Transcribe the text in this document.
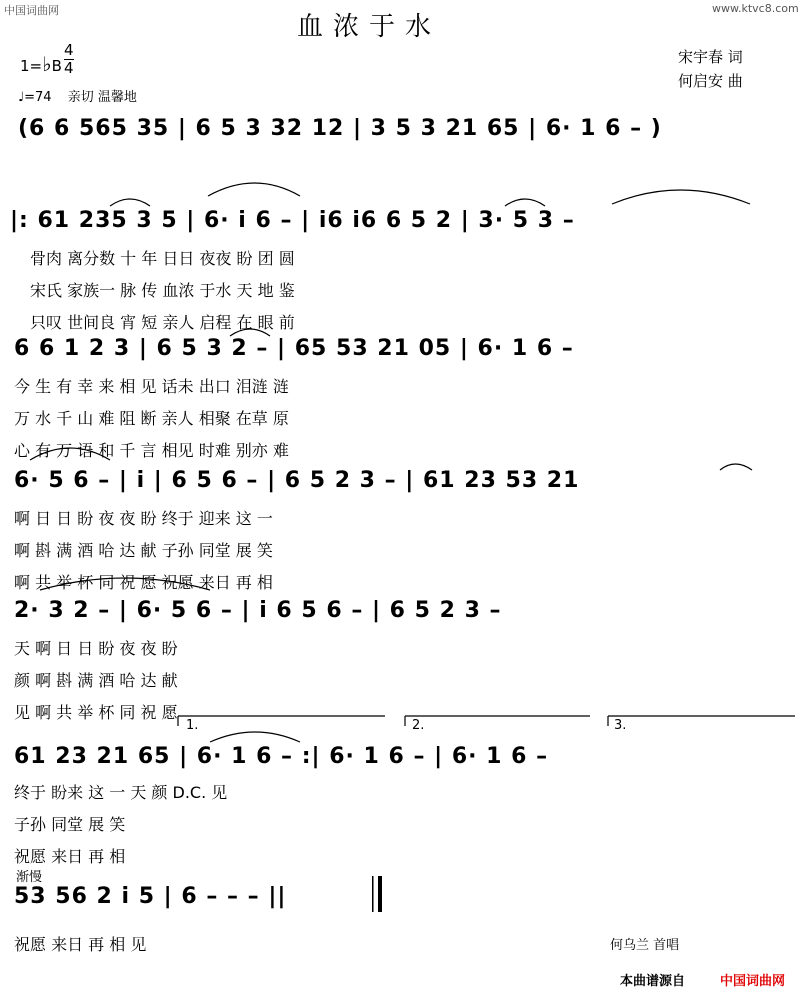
中国词曲网	www.ktvc8.com
血浓于水
1=♭B
4
4
♩=74 亲切 温馨地
宋宇春 词
何启安 曲
(6 6 565 35 | 6 5 3 32 12 | 3 5 3 21 65 | 6· 1 6 – )
|: 61 235 3 5 | 6· i 6 – | i6 i6 6 5 2 | 3· 5 3 –
骨肉 离分数 十 年 日日 夜夜 盼 团 圆
宋氏 家族一 脉 传 血浓 于水 天 地 鉴
只叹 世间良 宵 短 亲人 启程 在 眼 前
6 6 1 2 3 | 6 5 3 2 – | 65 53 21 05 | 6· 1 6 –
今 生 有 幸 来 相 见 话未 出口 泪涟 涟
万 水 千 山 难 阻 断 亲人 相聚 在草 原
心 有 万 语 和 千 言 相见 时难 别亦 难
6· 5 6 – | i | 6 5 6 – | 6 5 2 3 – | 61 23 53 21
啊 日 日 盼 夜 夜 盼 终于 迎来 这 一
啊 斟 满 酒 哈 达 献 子孙 同堂 展 笑
啊 共 举 杯 同 祝 愿 祝愿 来日 再 相
2· 3 2 – | 6· 5 6 – | i 6 5 6 – | 6 5 2 3 –
天 啊 日 日 盼 夜 夜 盼
颜 啊 斟 满 酒 哈 达 献
见 啊 共 举 杯 同 祝 愿
1.	2.	3.
61 23 21 65 | 6· 1 6 – :| 6· 1 6 – | 6· 1 6 –
终于 盼来 这 一 天 颜 D.C. 见
子孙 同堂 展 笑
祝愿 来日 再 相
渐慢
53 56 2 i 5 | 6 – – – ||
祝愿 来日 再 相 见	何乌兰 首唱
本曲谱源自	中国词曲网
